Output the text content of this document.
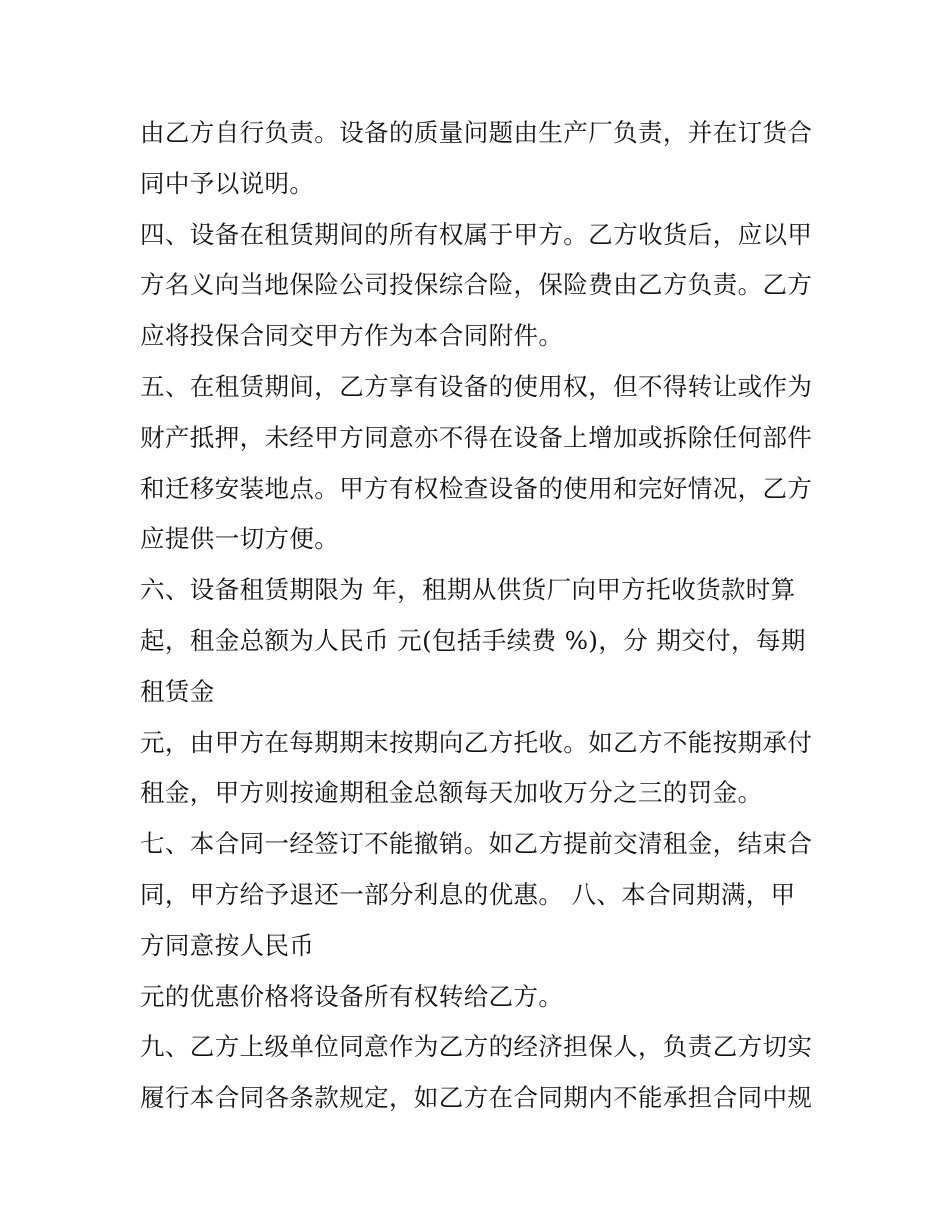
由乙方自行负责。设备的质量问题由生产厂负责，并在订货合
同中予以说明。
四、设备在租赁期间的所有权属于甲方。乙方收货后，应以甲
方名义向当地保险公司投保综合险，保险费由乙方负责。乙方
应将投保合同交甲方作为本合同附件。
五、在租赁期间，乙方享有设备的使用权，但不得转让或作为
财产抵押，未经甲方同意亦不得在设备上增加或拆除任何部件
和迁移安装地点。甲方有权检查设备的使用和完好情况，乙方
应提供一切方便。
六、设备租赁期限为 年，租期从供货厂向甲方托收货款时算
起，租金总额为人民币 元(包括手续费 %)，分 期交付，每期
租赁金
元，由甲方在每期期末按期向乙方托收。如乙方不能按期承付
租金，甲方则按逾期租金总额每天加收万分之三的罚金。
七、本合同一经签订不能撤销。如乙方提前交清租金，结束合
同，甲方给予退还一部分利息的优惠。 八、本合同期满，甲
方同意按人民币
元的优惠价格将设备所有权转给乙方。
九、乙方上级单位同意作为乙方的经济担保人，负责乙方切实
履行本合同各条款规定，如乙方在合同期内不能承担合同中规
